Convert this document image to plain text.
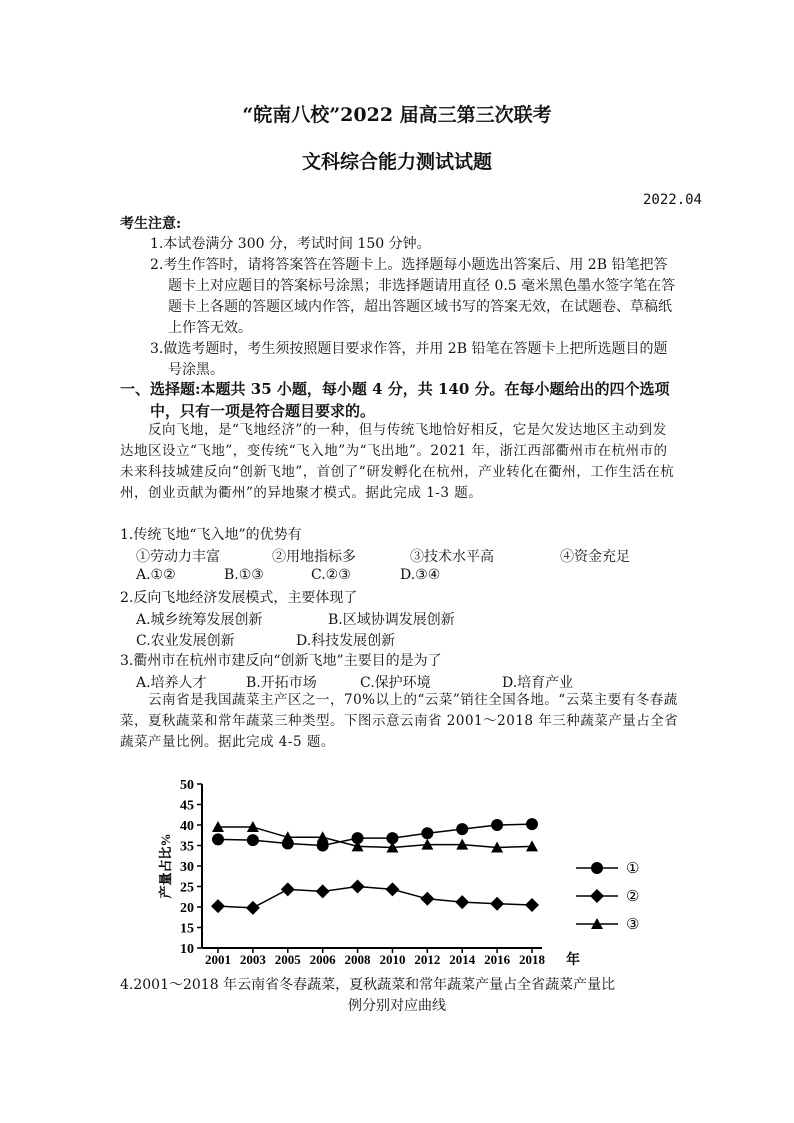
“皖南八校”2022 届高三第三次联考
文科综合能力测试试题
2022.04
考生注意:
1.本试卷满分 300 分，考试时间 150 分钟。
2.考生作答时，请将答案答在答题卡上。选择题每小题选出答案后、用 2B 铅笔把答题卡上对应题目的答案标号涂黑；非选择题请用直径 0.5 毫米黑色墨水签字笔在答题卡上各题的答题区域内作答，超出答题区域书写的答案无效，在试题卷、草稿纸上作答无效。
3.做选考题时，考生须按照题目要求作答，并用 2B 铅笔在答题卡上把所选题目的题号涂黑。
一、选择题:本题共 35 小题，每小题 4 分，共 140 分。在每小题给出的四个选项
中，只有一项是符合题目要求的。
反向飞地，是“飞地经济”的一种，但与传统飞地恰好相反，它是欠发达地区主动到发达地区设立“飞地”，变传统“飞入地”为“飞出地”。2021 年，浙江西部衢州市在杭州市的未来科技城建反向“创新飞地”，首创了“研发孵化在杭州，产业转化在衢州，工作生活在杭州，创业贡献为衢州”的异地聚才模式。据此完成 1-3 题。
1.传统飞地“飞入地”的优势有
①劳动力丰富	②用地指标多	③技术水平高	④资金充足
A.①②	B.①③	C.②③	D.③④
2.反向飞地经济发展模式，主要体现了
A.城乡统筹发展创新	B.区域协调发展创新
C.农业发展创新	D.科技发展创新
3.衢州市在杭州市建反向“创新飞地”主要目的是为了
A.培养人才	B.开拓市场	C.保护环境	D.培育产业
云南省是我国蔬菜主产区之一，70%以上的“云菜”销往全国各地。“云菜主要有冬春蔬菜，夏秋蔬菜和常年蔬菜三种类型。下图示意云南省 2001～2018 年三种蔬菜产量占全省蔬菜产量比例。据此完成 4-5 题。
10
15
20
25
30
35
40
45
50
2001 2003 2005 2006 2008 2010 2012 2014 2016 2018 年
产量占比%	①
②
③
4.2001～2018 年云南省冬春蔬菜，夏秋蔬菜和常年蔬菜产量占全省蔬菜产量比
例分别对应曲线
